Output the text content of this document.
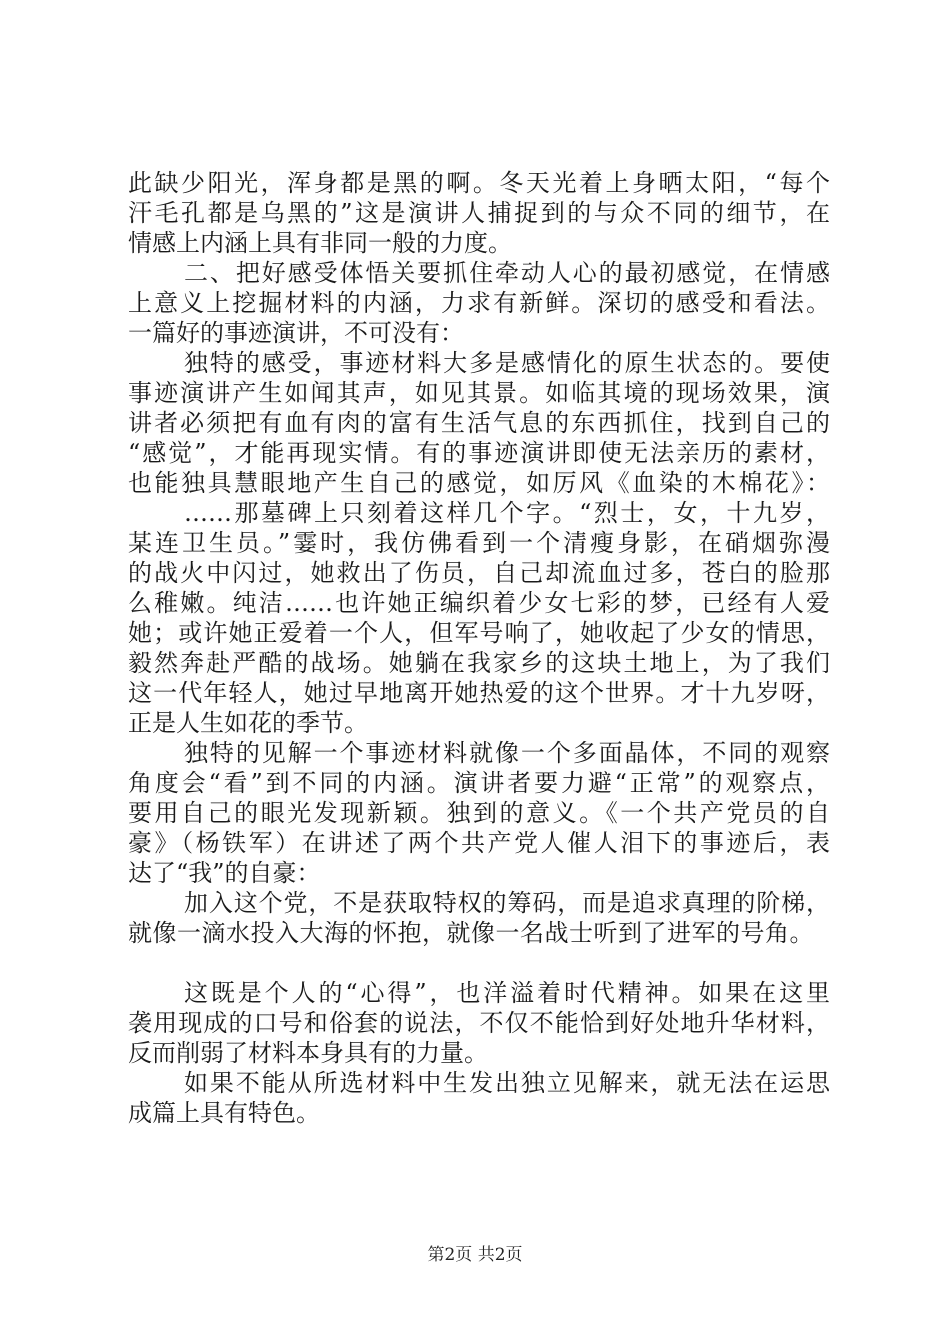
此缺少阳光，浑身都是黑的啊。冬天光着上身晒太阳，“每个
汗毛孔都是乌黑的”这是演讲人捕捉到的与众不同的细节，在
情感上内涵上具有非同一般的力度。
二、把好感受体悟关要抓住牵动人心的最初感觉，在情感
上意义上挖掘材料的内涵，力求有新鲜。深切的感受和看法。
一篇好的事迹演讲，不可没有：
独特的感受，事迹材料大多是感情化的原生状态的。要使
事迹演讲产生如闻其声，如见其景。如临其境的现场效果，演
讲者必须把有血有肉的富有生活气息的东西抓住，找到自己的
“感觉”，才能再现实情。有的事迹演讲即使无法亲历的素材，
也能独具慧眼地产生自己的感觉，如厉风《血染的木棉花》：
……那墓碑上只刻着这样几个字。“烈士，女，十九岁，
某连卫生员。”霎时，我仿佛看到一个清瘦身影，在硝烟弥漫
的战火中闪过，她救出了伤员，自己却流血过多，苍白的脸那
么稚嫩。纯洁……也许她正编织着少女七彩的梦，已经有人爱
她；或许她正爱着一个人，但军号响了，她收起了少女的情思，
毅然奔赴严酷的战场。她躺在我家乡的这块土地上，为了我们
这一代年轻人，她过早地离开她热爱的这个世界。才十九岁呀，
正是人生如花的季节。
独特的见解一个事迹材料就像一个多面晶体，不同的观察
角度会“看”到不同的内涵。演讲者要力避“正常”的观察点，
要用自己的眼光发现新颖。独到的意义。《一个共产党员的自
豪》（杨铁军）在讲述了两个共产党人催人泪下的事迹后，表
达了“我”的自豪：
加入这个党，不是获取特权的筹码，而是追求真理的阶梯，
就像一滴水投入大海的怀抱，就像一名战士听到了进军的号角。
这既是个人的“心得”，也洋溢着时代精神。如果在这里
袭用现成的口号和俗套的说法，不仅不能恰到好处地升华材料，
反而削弱了材料本身具有的力量。
如果不能从所选材料中生发出独立见解来，就无法在运思
成篇上具有特色。
第2页 共2页
